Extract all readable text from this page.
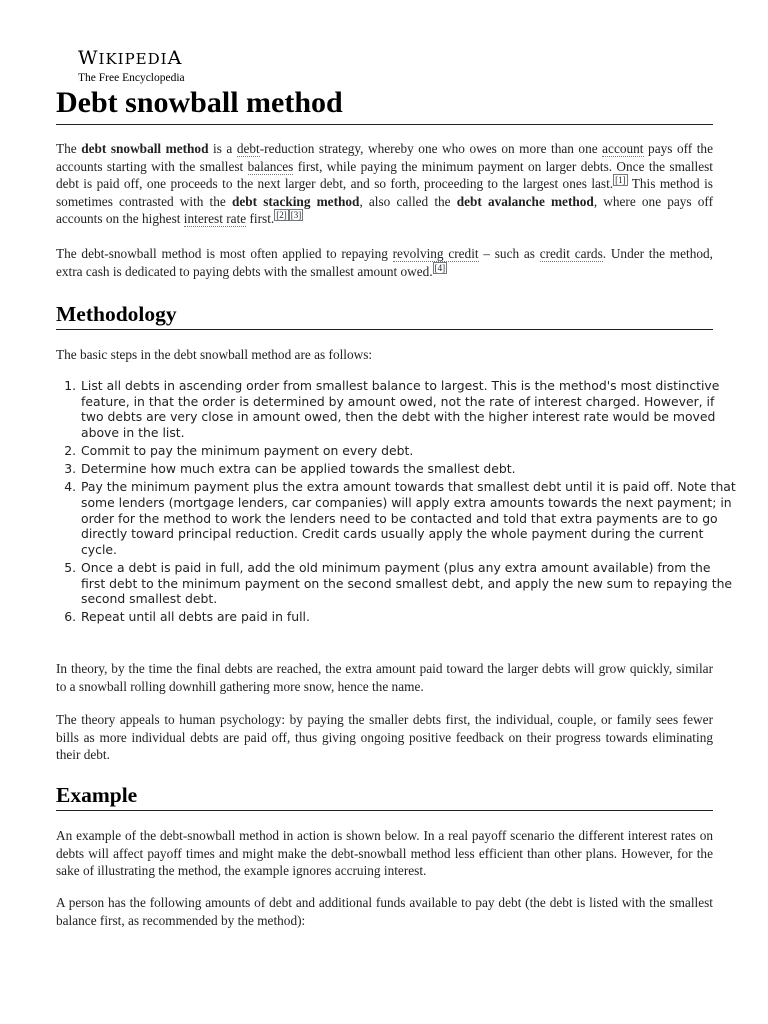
WIKIPEDIA
The Free Encyclopedia
Debt snowball method

The debt snowball method is a debt-reduction strategy, whereby one who owes on more than one account pays off the accounts starting with the smallest balances first, while paying the minimum payment on larger debts. Once the smallest debt is paid off, one proceeds to the next larger debt, and so forth, proceeding to the largest ones last. [1] This method is sometimes contrasted with the debt stacking method, also called the debt avalanche method, where one pays off accounts on the highest interest rate first. [2] [3]

The debt-snowball method is most often applied to repaying revolving credit – such as credit cards. Under the method, extra cash is dedicated to paying debts with the smallest amount owed. [4]

Methodology

The basic steps in the debt snowball method are as follows:

1. List all debts in ascending order from smallest balance to largest. This is the method's most distinctive feature, in that the order is determined by amount owed, not the rate of interest charged. However, if two debts are very close in amount owed, then the debt with the higher interest rate would be moved above in the list.
2. Commit to pay the minimum payment on every debt.
3. Determine how much extra can be applied towards the smallest debt.
4. Pay the minimum payment plus the extra amount towards that smallest debt until it is paid off. Note that some lenders (mortgage lenders, car companies) will apply extra amounts towards the next payment; in order for the method to work the lenders need to be contacted and told that extra payments are to go directly toward principal reduction. Credit cards usually apply the whole payment during the current cycle.
5. Once a debt is paid in full, add the old minimum payment (plus any extra amount available) from the first debt to the minimum payment on the second smallest debt, and apply the new sum to repaying the second smallest debt.
6. Repeat until all debts are paid in full.

In theory, by the time the final debts are reached, the extra amount paid toward the larger debts will grow quickly, similar to a snowball rolling downhill gathering more snow, hence the name.

The theory appeals to human psychology: by paying the smaller debts first, the individual, couple, or family sees fewer bills as more individual debts are paid off, thus giving ongoing positive feedback on their progress towards eliminating their debt.

Example

An example of the debt-snowball method in action is shown below. In a real payoff scenario the different interest rates on debts will affect payoff times and might make the debt-snowball method less efficient than other plans. However, for the sake of illustrating the method, the example ignores accruing interest.

A person has the following amounts of debt and additional funds available to pay debt (the debt is listed with the smallest balance first, as recommended by the method):
